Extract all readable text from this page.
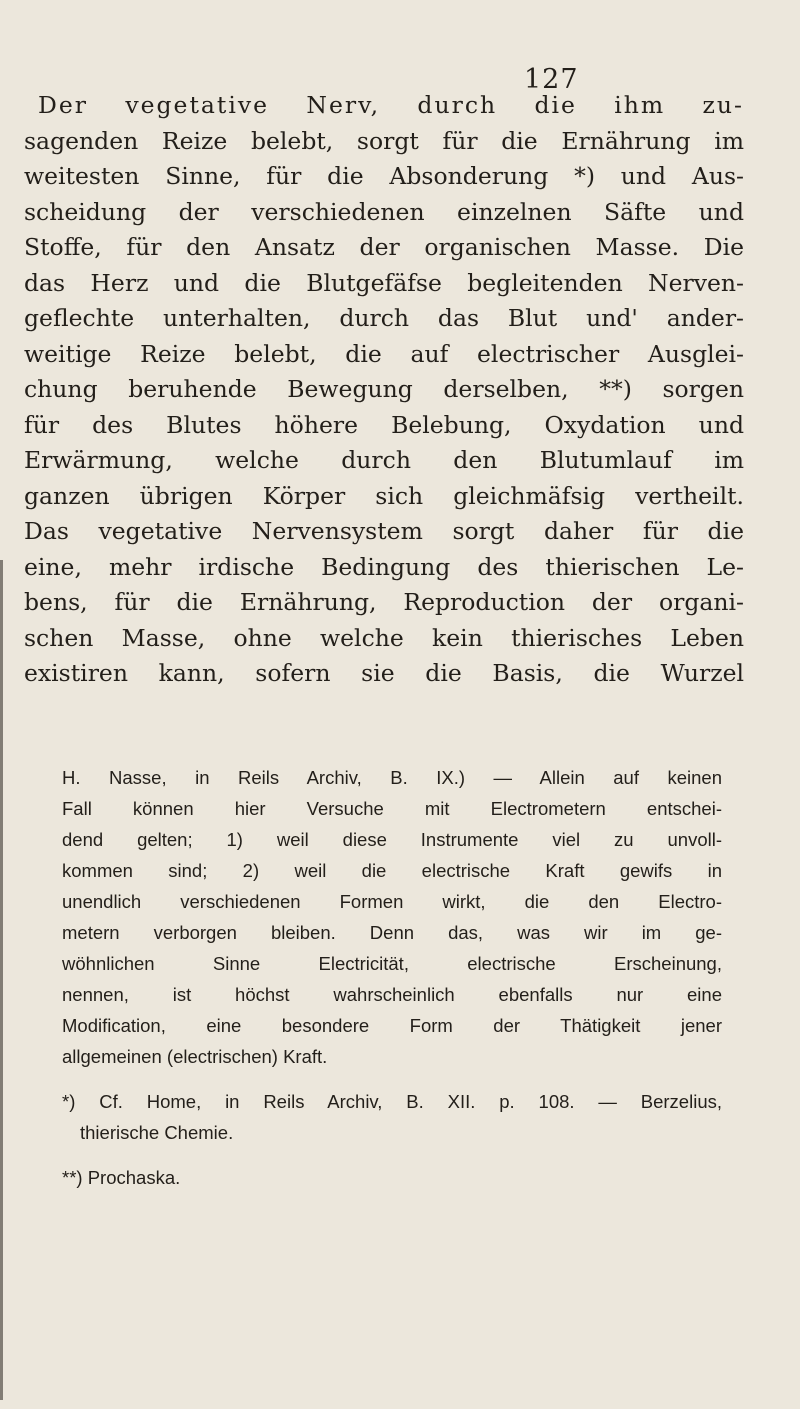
127
Der vegetative Nerv, durch die ihm zu-
sagenden Reize belebt, sorgt für die Ernährung im
weitesten Sinne, für die Absonderung *) und Aus-
scheidung der verschiedenen einzelnen Säfte und
Stoffe, für den Ansatz der organischen Masse. Die
das Herz und die Blutgefäfse begleitenden Nerven-
geflechte unterhalten, durch das Blut und' ander-
weitige Reize belebt, die auf electrischer Ausglei-
chung beruhende Bewegung derselben, **) sorgen
für des Blutes höhere Belebung, Oxydation und
Erwärmung, welche durch den Blutumlauf im
ganzen übrigen Körper sich gleichmäfsig vertheilt.
Das vegetative Nervensystem sorgt daher für die
eine, mehr irdische Bedingung des thierischen Le-
bens, für die Ernährung, Reproduction der organi-
schen Masse, ohne welche kein thierisches Leben
existiren kann, sofern sie die Basis, die Wurzel
H. Nasse, in Reils Archiv, B. IX.) — Allein auf keinen
Fall können hier Versuche mit Electrometern entschei-
dend gelten; 1) weil diese Instrumente viel zu unvoll-
kommen sind; 2) weil die electrische Kraft gewifs in
unendlich verschiedenen Formen wirkt, die den Electro-
metern verborgen bleiben. Denn das, was wir im ge-
wöhnlichen Sinne Electricität, electrische Erscheinung,
nennen, ist höchst wahrscheinlich ebenfalls nur eine
Modification, eine besondere Form der Thätigkeit jener
allgemeinen (electrischen) Kraft.
*) Cf. Home, in Reils Archiv, B. XII. p. 108. — Berzelius,
thierische Chemie.
**) Prochaska.
